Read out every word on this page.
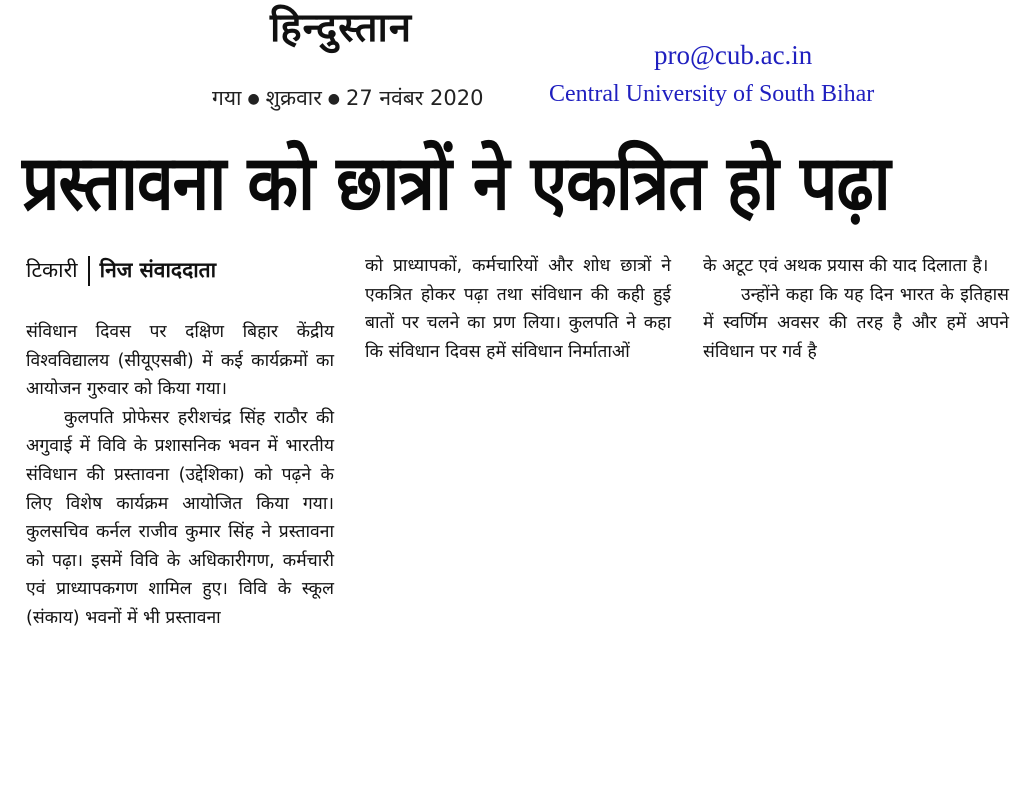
हिन्दुस्तान
गया ● शुक्रवार ● 27 नवंबर 2020
pro@cub.ac.in
Central University of South Bihar
प्रस्तावना को छात्रों ने एकत्रित हो पढ़ा
टिकारी निज संवाददाता

संविधान दिवस पर दक्षिण बिहार केंद्रीय विश्वविद्यालय (सीयूएसबी) में कई कार्यक्रमों का आयोजन गुरुवार को किया गया।

कुलपति प्रोफेसर हरीशचंद्र सिंह राठौर की अगुवाई में विवि के प्रशासनिक भवन में भारतीय संविधान की प्रस्तावना (उद्देशिका) को पढ़ने के लिए विशेष कार्यक्रम आयोजित किया गया। कुलसचिव कर्नल राजीव कुमार सिंह ने प्रस्तावना को पढ़ा। इसमें विवि के अधिकारीगण, कर्मचारी एवं प्राध्यापकगण शामिल हुए। विवि के स्कूल (संकाय) भवनों में भी प्रस्तावना

को प्राध्यापकों, कर्मचारियों और शोध छात्रों ने एकत्रित होकर पढ़ा तथा संविधान की कही हुई बातों पर चलने का प्रण लिया। कुलपति ने कहा कि संविधान दिवस हमें संविधान निर्माताओं

के अटूट एवं अथक प्रयास की याद दिलाता है।

उन्होंने कहा कि यह दिन भारत के इतिहास में स्वर्णिम अवसर की तरह है और हमें अपने संविधान पर गर्व है
